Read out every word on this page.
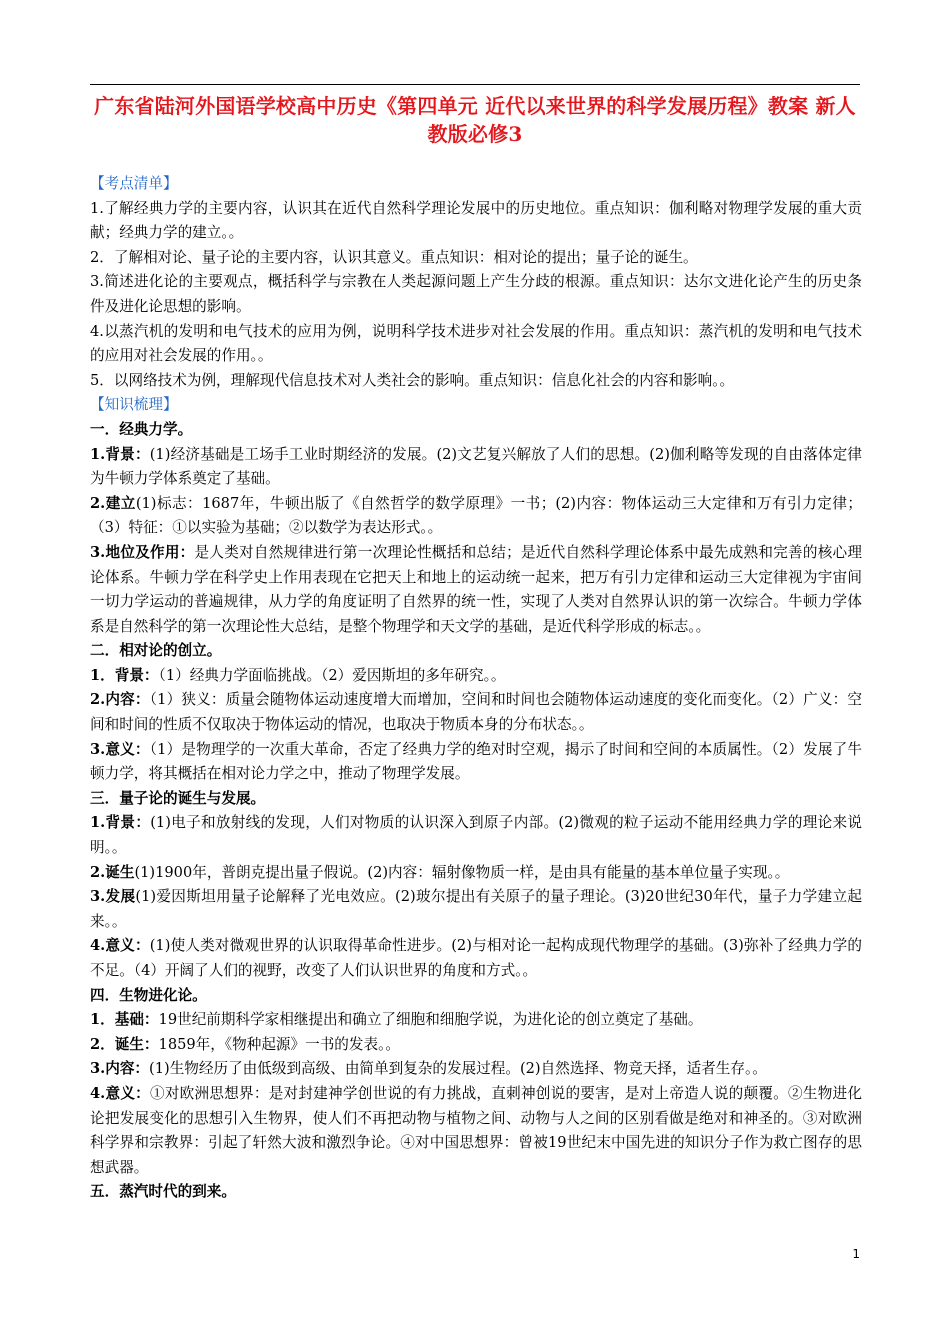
广东省陆河外国语学校高中历史《第四单元 近代以来世界的科学发展历程》教案 新人教版必修3

【考点清单】

1.了解经典力学的主要内容，认识其在近代自然科学理论发展中的历史地位。重点知识：伽利略对物理学发展的重大贡献；经典力学的建立。。

2．了解相对论、量子论的主要内容，认识其意义。重点知识：相对论的提出；量子论的诞生。

3.简述进化论的主要观点，概括科学与宗教在人类起源问题上产生分歧的根源。重点知识：达尔文进化论产生的历史条件及进化论思想的影响。

4.以蒸汽机的发明和电气技术的应用为例，说明科学技术进步对社会发展的作用。重点知识：蒸汽机的发明和电气技术的应用对社会发展的作用。。

5．以网络技术为例，理解现代信息技术对人类社会的影响。重点知识：信息化社会的内容和影响。。

【知识梳理】

一．经典力学。

1.背景：(1)经济基础是工场手工业时期经济的发展。(2)文艺复兴解放了人们的思想。(2)伽利略等发现的自由落体定律为牛顿力学体系奠定了基础。

2.建立(1)标志：1687年，牛顿出版了《自然哲学的数学原理》一书；(2)内容：物体运动三大定律和万有引力定律；（3）特征：①以实验为基础；②以数学为表达形式。。

3.地位及作用：是人类对自然规律进行第一次理论性概括和总结；是近代自然科学理论体系中最先成熟和完善的核心理论体系。牛顿力学在科学史上作用表现在它把天上和地上的运动统一起来，把万有引力定律和运动三大定律视为宇宙间一切力学运动的普遍规律，从力学的角度证明了自然界的统一性，实现了人类对自然界认识的第一次综合。牛顿力学体系是自然科学的第一次理论性大总结，是整个物理学和天文学的基础，是近代科学形成的标志。。

二．相对论的创立。

1．背景：（1）经典力学面临挑战。（2）爱因斯坦的多年研究。。

2.内容：（1）狭义：质量会随物体运动速度增大而增加，空间和时间也会随物体运动速度的变化而变化。（2）广义：空间和时间的性质不仅取决于物体运动的情况，也取决于物质本身的分布状态。。

3.意义：（1）是物理学的一次重大革命，否定了经典力学的绝对时空观，揭示了时间和空间的本质属性。（2）发展了牛顿力学，将其概括在相对论力学之中，推动了物理学发展。

三．量子论的诞生与发展。

1.背景：(1)电子和放射线的发现，人们对物质的认识深入到原子内部。(2)微观的粒子运动不能用经典力学的理论来说明。。

2.诞生(1)1900年，普朗克提出量子假说。(2)内容：辐射像物质一样，是由具有能量的基本单位量子实现。。

3.发展(1)爱因斯坦用量子论解释了光电效应。(2)玻尔提出有关原子的量子理论。(3)20世纪30年代，量子力学建立起来。。

4.意义：(1)使人类对微观世界的认识取得革命性进步。(2)与相对论一起构成现代物理学的基础。(3)弥补了经典力学的不足。（4）开阔了人们的视野，改变了人们认识世界的角度和方式。。

四．生物进化论。

1．基础：19世纪前期科学家相继提出和确立了细胞和细胞学说，为进化论的创立奠定了基础。

2．诞生：1859年，《物种起源》一书的发表。。

3.内容：(1)生物经历了由低级到高级、由简单到复杂的发展过程。(2)自然选择、物竞天择，适者生存。。

4.意义：①对欧洲思想界：是对封建神学创世说的有力挑战，直刺神创说的要害，是对上帝造人说的颠覆。②生物进化论把发展变化的思想引入生物界，使人们不再把动物与植物之间、动物与人之间的区别看做是绝对和神圣的。③对欧洲科学界和宗教界：引起了轩然大波和激烈争论。④对中国思想界：曾被19世纪末中国先进的知识分子作为救亡图存的思想武器。

五．蒸汽时代的到来。

1
